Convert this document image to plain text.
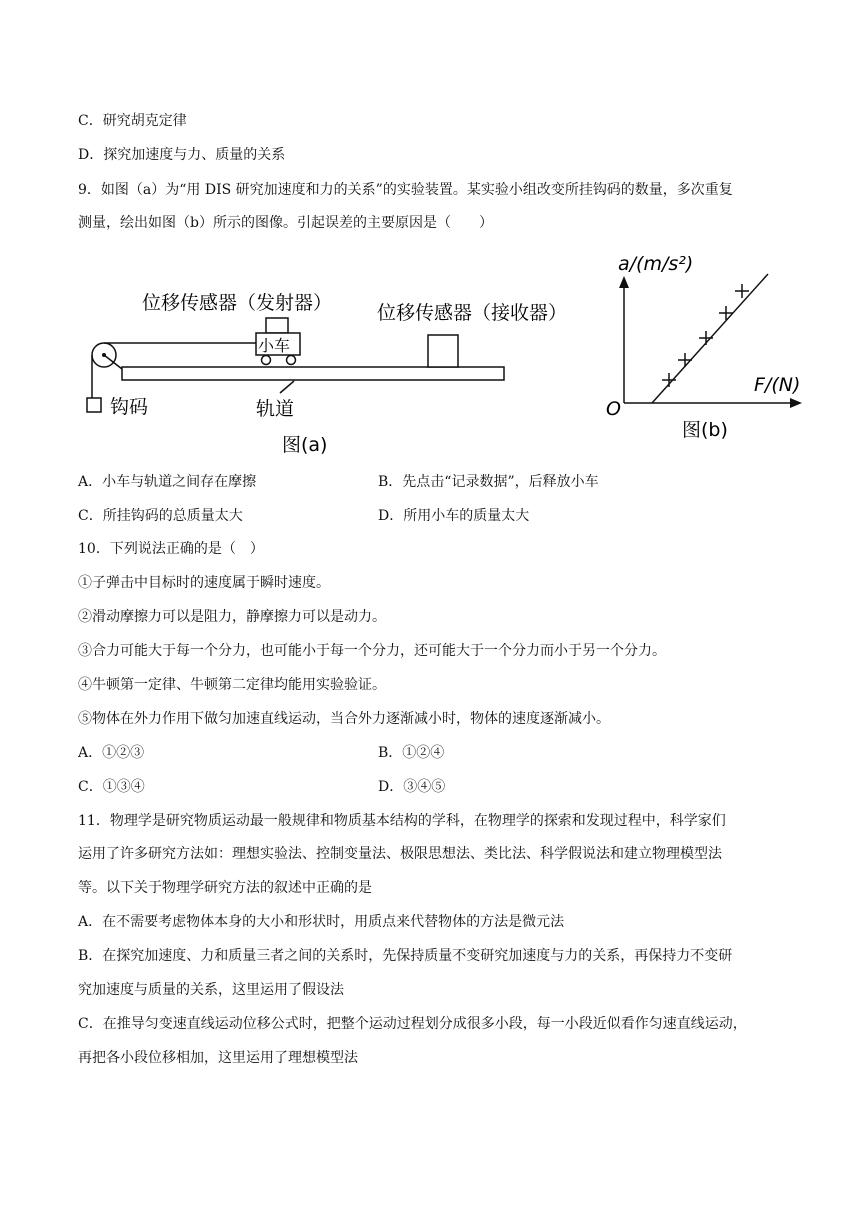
C．研究胡克定律
D．探究加速度与力、质量的关系
9．如图（a）为“用 DIS 研究加速度和力的关系”的实验装置。某实验小组改变所挂钩码的数量，多次重复
测量，绘出如图（b）所示的图像。引起误差的主要原因是（　　）
位移传感器（发射器） 位移传感器（接收器）
钩码	轨道
小车
图(a)
a/(m/s²)
F/(N)
O
图(b)
A．小车与轨道之间存在摩擦	B．先点击“记录数据”，后释放小车
C．所挂钩码的总质量太大	D．所用小车的质量太大
10．下列说法正确的是（　）
①子弹击中目标时的速度属于瞬时速度。
②滑动摩擦力可以是阻力，静摩擦力可以是动力。
③合力可能大于每一个分力，也可能小于每一个分力，还可能大于一个分力而小于另一个分力。
④牛顿第一定律、牛顿第二定律均能用实验验证。
⑤物体在外力作用下做匀加速直线运动，当合外力逐渐减小时，物体的速度逐渐减小。
A．①②③	B．①②④
C．①③④	D．③④⑤
11．物理学是研究物质运动最一般规律和物质基本结构的学科，在物理学的探索和发现过程中，科学家们
运用了许多研究方法如：理想实验法、控制变量法、极限思想法、类比法、科学假说法和建立物理模型法
等。以下关于物理学研究方法的叙述中正确的是
A．在不需要考虑物体本身的大小和形状时，用质点来代替物体的方法是微元法
B．在探究加速度、力和质量三者之间的关系时，先保持质量不变研究加速度与力的关系，再保持力不变研
究加速度与质量的关系，这里运用了假设法
C．在推导匀变速直线运动位移公式时，把整个运动过程划分成很多小段，每一小段近似看作匀速直线运动，
再把各小段位移相加，这里运用了理想模型法
